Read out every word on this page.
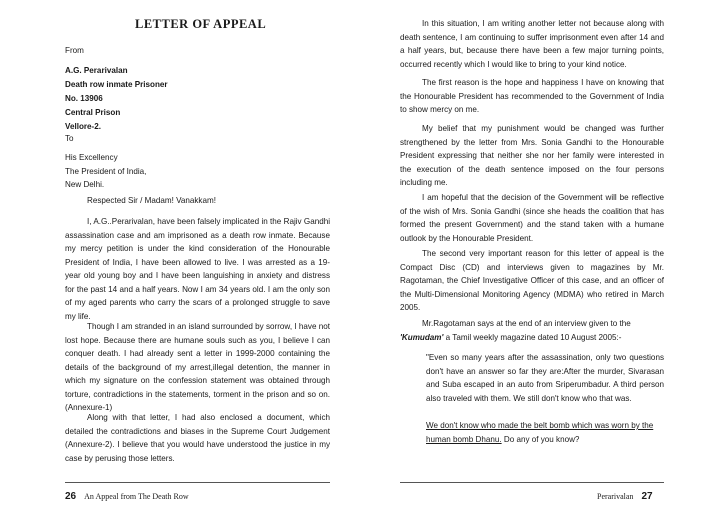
LETTER OF APPEAL

From

A.G. Perarivalan
Death row inmate Prisoner
No. 13906
Central Prison
Vellore-2.

To

His Excellency
The President of India,
New Delhi.

Respected Sir / Madam! Vanakkam!

I, A.G..Perarivalan, have been falsely implicated in the Rajiv Gandhi assassination case and am imprisoned as a death row inmate. Because my mercy petition is under the kind consideration of the Honourable President of India, I have been allowed to live. I was arrested as a 19-year old young boy and I have been languishing in anxiety and distress for the past 14 and a half years. Now I am 34 years old. I am the only son of my aged parents who carry the scars of a prolonged struggle to save my life.

Though I am stranded in an island surrounded by sorrow, I have not lost hope. Because there are humane souls such as you, I believe I can conquer death. I had already sent a letter in 1999-2000 containing the details of the background of my arrest,illegal detention, the manner in which my signature on the confession statement was obtained through torture, contradictions in the statements, torment in the prison and so on. (Annexure-1)

Along with that letter, I had also enclosed a document, which detailed the contradictions and biases in the Supreme Court Judgement (Annexure-2). I believe that you would have understood the justice in my case by perusing those letters.

26 An Appeal from The Death Row

In this situation, I am writing another letter not because along with death sentence, I am continuing to suffer imprisonment even after 14 and a half years, but, because there have been a few major turning points, occurred recently which I would like to bring to your kind notice.

The first reason is the hope and happiness I have on knowing that the Honourable President has recommended to the Government of India to show mercy on me.

My belief that my punishment would be changed was further strengthened by the letter from Mrs. Sonia Gandhi to the Honourable President expressing that neither she nor her family were interested in the execution of the death sentence imposed on the four persons including me.

I am hopeful that the decision of the Government will be reflective of the wish of Mrs. Sonia Gandhi (since she heads the coalition that has formed the present Government) and the stand taken with a humane outlook by the Honourable President.

The second very important reason for this letter of appeal is the Compact Disc (CD) and interviews given to magazines by Mr. Ragotaman, the Chief Investigative Officer of this case, and an officer of the Multi-Dimensional Monitoring Agency (MDMA) who retired in March 2005.

Mr.Ragotaman says at the end of an interview given to the
'Kumudam' a Tamil weekly magazine dated 10 August 2005:-

"Even so many years after the assassination, only two questions don't have an answer so far they are:After the murder, Sivarasan and Suba escaped in an auto from Sriperumbadur. A third person also traveled with them. We still don't know who that was.

We don't know who made the belt bomb which was worn by the human bomb Dhanu. Do any of you know?

Perarivalan 27
